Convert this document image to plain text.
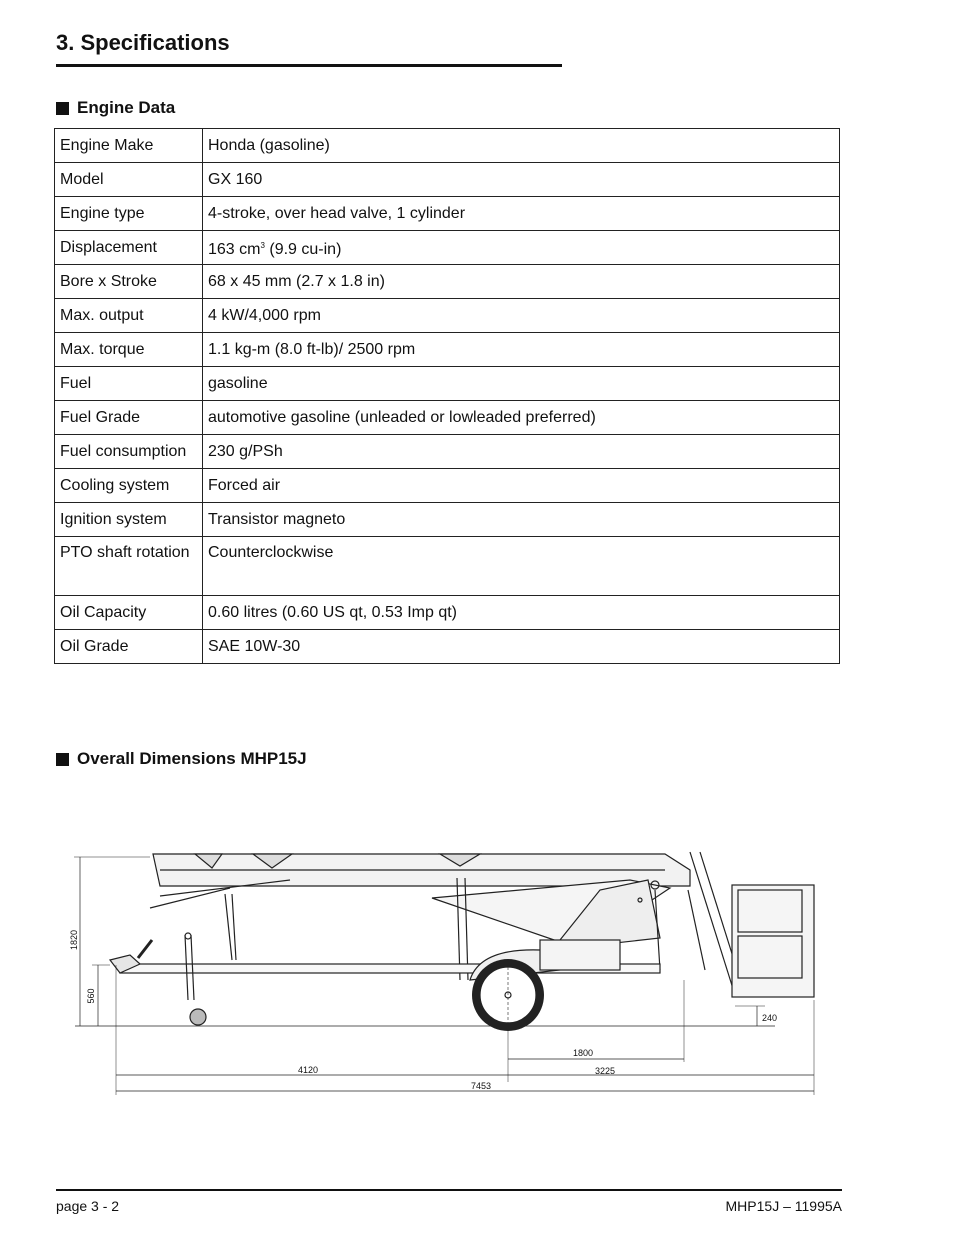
3. Specifications
Engine Data
Engine Make	Honda (gasoline)
Model	GX 160
Engine type	4-stroke, over head valve, 1 cylinder
Displacement	163 $cm^3$ (9.9 cu-in)
Bore x Stroke	68 x 45 mm (2.7 x 1.8 in)
Max. output	4 kW/4,000 rpm
Max. torque	1.1 kg-m (8.0 ft-lb)/ 2500 rpm
Fuel	gasoline
Fuel Grade	automotive gasoline (unleaded or lowleaded preferred)
Fuel consumption	230 g/PSh
Cooling system	Forced air
Ignition system	Transistor magneto
PTO shaft rotation	Counterclockwise
Oil Capacity	0.60 litres (0.60 US qt, 0.53 Imp qt)
Oil Grade	SAE 10W-30
Overall Dimensions MHP15J
1820
560
240
1800
4120	3225
7453
page 3 - 2	MHP15J – 11995A
